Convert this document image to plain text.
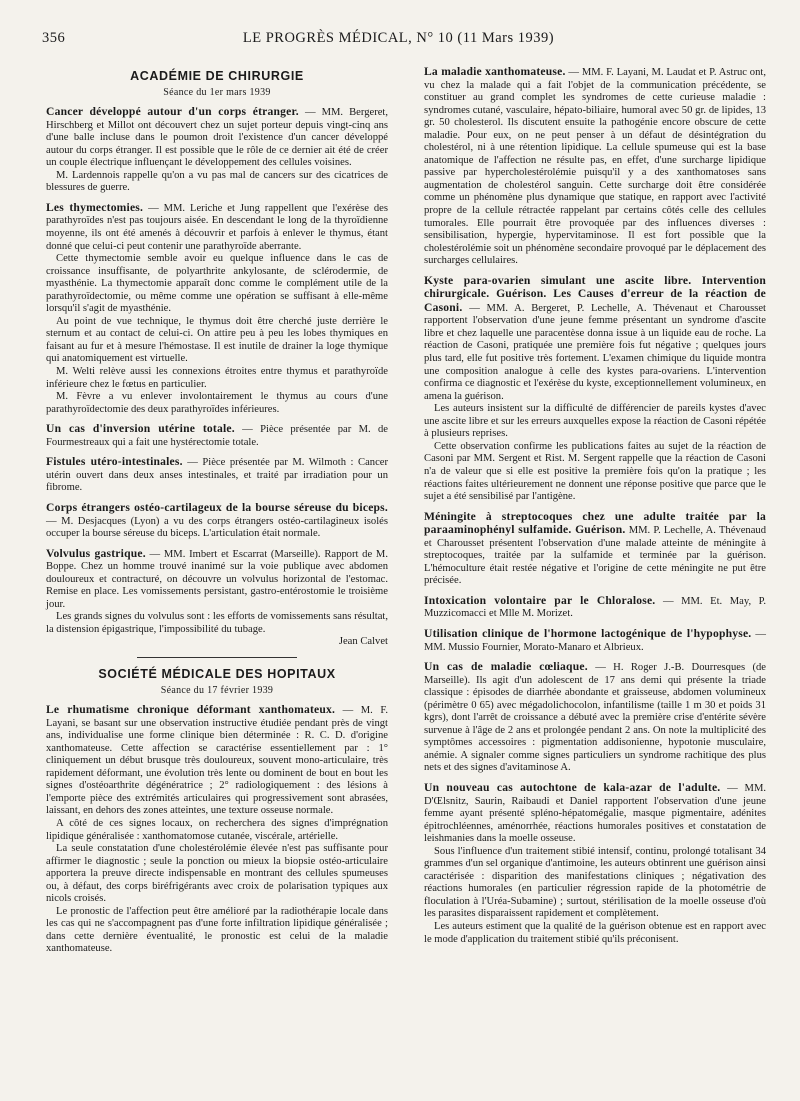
356	LE PROGRÈS MÉDICAL, N° 10 (11 Mars 1939)
ACADÉMIE DE CHIRURGIE
Séance du 1er mars 1939

Cancer développé autour d'un corps étranger. — MM. Bergeret, Hirschberg et Millot ont découvert chez un sujet porteur depuis vingt-cinq ans d'une balle incluse dans le poumon droit l'existence d'un cancer développé autour du corps étranger. Il est possible que le rôle de ce dernier ait été de créer un couple électrique influençant le développement des cellules voisines.

M. Lardennois rappelle qu'on a vu pas mal de cancers sur des cicatrices de blessures de guerre.

Les thymectomies. — MM. Leriche et Jung rappellent que l'exérèse des parathyroïdes n'est pas toujours aisée. En descendant le long de la thyroïdienne moyenne, ils ont été amenés à découvrir et parfois à enlever le thymus, étant donné que celui-ci peut contenir une parathyroïde aberrante.

Cette thymectomie semble avoir eu quelque influence dans le cas de croissance insuffisante, de polyarthrite ankylosante, de sclérodermie, de myasthénie. La thymectomie apparaît donc comme le complément utile de la parathyroïdectomie, ou même comme une opération se suffisant à elle-même lorsqu'il s'agit de myasthénie.

Au point de vue technique, le thymus doit être cherché juste derrière le sternum et au contact de celui-ci. On attire peu à peu les lobes thymiques en faisant au fur et à mesure l'hémostase. Il est inutile de drainer la loge thymique qui anatomiquement est virtuelle.

M. Welti relève aussi les connexions étroites entre thymus et parathyroïde inférieure chez le fœtus en particulier.

M. Fèvre a vu enlever involontairement le thymus au cours d'une parathyroïdectomie des deux parathyroïdes inférieures.

Un cas d'inversion utérine totale. — Pièce présentée par M. de Fourmestreaux qui a fait une hystérectomie totale.

Fistules utéro-intestinales. — Pièce présentée par M. Wilmoth : Cancer utérin ouvert dans deux anses intestinales, et traité par irradiation pour un fibrome.

Corps étrangers ostéo-cartilageux de la bourse séreuse du biceps. — M. Desjacques (Lyon) a vu des corps étrangers ostéo-cartilagineux isolés occuper la bourse séreuse du biceps. L'articulation était normale.

Volvulus gastrique. — MM. Imbert et Escarrat (Marseille). Rapport de M. Boppe. Chez un homme trouvé inanimé sur la voie publique avec abdomen douloureux et contracturé, on découvre un volvulus horizontal de l'estomac. Remise en place. Les vomissements persistant, gastro-entérostomie le troisième jour.

Les grands signes du volvulus sont : les efforts de vomissements sans résultat, la distension épigastrique, l'impossibilité du tubage.

Jean Calvet
SOCIÉTÉ MÉDICALE DES HOPITAUX
Séance du 17 février 1939

Le rhumatisme chronique déformant xanthomateux. — M. F. Layani, se basant sur une observation instructive étudiée pendant près de vingt ans, individualise une forme clinique bien déterminée : R. C. D. d'origine xanthomateuse. Cette affection se caractérise essentiellement par : 1° cliniquement un début brusque très douloureux, souvent mono-articulaire, très rapidement déformant, une évolution très lente ou dominent de bout en bout les signes d'ostéoarthrite dégénératrice ; 2° radiologiquement : des lésions à l'emporte pièce des extrémités articulaires qui progressivement sont abrasées, laissant, en dehors des zones atteintes, une texture osseuse normale.

A côté de ces signes locaux, on recherchera des signes d'imprégnation lipidique généralisée : xanthomatomose cutanée, viscérale, artérielle.

La seule constatation d'une cholestérolémie élevée n'est pas suffisante pour affirmer le diagnostic ; seule la ponction ou mieux la biopsie ostéo-articulaire apportera la preuve directe indispensable en montrant des cellules spumeuses ou, à défaut, des corps biréfrigérants avec croix de polarisation typiques aux nicols croisés.

Le pronostic de l'affection peut être amélioré par la radiothérapie locale dans les cas qui ne s'accompagnent pas d'une forte infiltration lipidique généralisée ; dans cette dernière éventualité, le pronostic est celui de la maladie xanthomateuse.

La maladie xanthomateuse. — MM. F. Layani, M. Laudat et P. Astruc ont, vu chez la malade qui a fait l'objet de la communication précédente, se constituer au grand complet les syndromes de cette curieuse maladie : syndromes cutané, vasculaire, hépato-biliaire, humoral avec 50 gr. de lipides, 13 gr. 50 cholesterol. Ils discutent ensuite la pathogénie encore obscure de cette maladie. Pour eux, on ne peut penser à un défaut de désintégration du cholestérol, ni à une rétention lipidique. La cellule spumeuse qui est la base anatomique de l'affection ne résulte pas, en effet, d'une surcharge lipidique passive par hypercholestérolémie puisqu'il y a des xanthomatoses sans augmentation de cholestérol sanguin. Cette surcharge doit être considérée comme un phénomène plus dynamique que statique, en rapport avec l'activité propre de la cellule rétractée rappelant par certains côtés celle des cellules tumorales. Elle pourrait être provoquée par des influences diverses : sensibilisation, hypergie, hypervitaminose. Il est fort possible que la cholestérolémie soit un phénomène secondaire provoqué par le déplacement des surcharges cellulaires.

Kyste para-ovarien simulant une ascite libre. Intervention chirurgicale. Guérison. Les Causes d'erreur de la réaction de Casoni. — MM. A. Bergeret, P. Lechelle, A. Thévenaut et Charousset rapportent l'observation d'une jeune femme présentant un syndrome d'ascite libre et chez laquelle une paracentèse donna issue à un liquide eau de roche. La réaction de Casoni, pratiquée une première fois fut négative ; quelques jours plus tard, elle fut positive très fortement. L'examen chimique du liquide montra une composition analogue à celle des kystes para-ovariens. L'intervention confirma ce diagnostic et l'exérèse du kyste, exceptionnellement volumineux, en amena la guérison.

Les auteurs insistent sur la difficulté de différencier de pareils kystes d'avec une ascite libre et sur les erreurs auxquelles expose la réaction de Casoni répétée à plusieurs reprises.

Cette observation confirme les publications faites au sujet de la réaction de Casoni par MM. Sergent et Rist. M. Sergent rappelle que la réaction de Casoni n'a de valeur que si elle est positive la première fois qu'on la pratique ; les réactions faites ultérieurement ne donnent une réponse positive que parce que le sujet a été sensibilisé par l'antigène.

Méningite à streptocoques chez une adulte traitée par la paraaminophényl sulfamide. Guérison. MM. P. Lechelle, A. Thévenaud et Charousset présentent l'observation d'une malade atteinte de méningite à streptocoques, traitée par la sulfamide et terminée par la guérison. L'hémoculture était restée négative et l'origine de cette méningite ne put être précisée.

Intoxication volontaire par le Chloralose. — MM. Et. May, P. Muzzicomacci et Mlle M. Morizet.

Utilisation clinique de l'hormone lactogénique de l'hypophyse. — MM. Mussio Fournier, Morato-Manaro et Albrieux.

Un cas de maladie cœliaque. — H. Roger J.-B. Dourresques (de Marseille). Ils agit d'un adolescent de 17 ans demi qui présente la triade classique : épisodes de diarrhée abondante et graisseuse, abdomen volumineux (périmètre 0 65) avec mégadolichocolon, infantilisme (taille 1 m 30 et poids 31 kgrs), dont l'arrêt de croissance a débuté avec la première crise d'entérite sévère survenue à l'âge de 2 ans et prolongée pendant 2 ans. On note la multiplicité des symptômes accessoires : pigmentation addisonienne, hypotonie musculaire, anémie. A signaler comme signes particuliers un syndrome rachitique des plus nets et des signes d'avitaminose A.

Un nouveau cas autochtone de kala-azar de l'adulte. — MM. D'Œlsnitz, Saurin, Raibaudi et Daniel rapportent l'observation d'une jeune femme ayant présenté spléno-hépatomégalie, masque pigmentaire, adénites épitrochléennes, aménorrhée, réactions humorales positives et constatation de leishmanies dans la moelle osseuse.

Sous l'influence d'un traitement stibié intensif, continu, prolongé totalisant 34 grammes d'un sel organique d'antimoine, les auteurs obtinrent une guérison ainsi caractérisée : disparition des manifestations cliniques ; négativation des réactions humorales (en particulier régression rapide de la photométrie de floculation à l'Uréa-Subamine) ; surtout, stérilisation de la moelle osseuse d'où les parasites disparaissent rapidement et complètement.

Les auteurs estiment que la qualité de la guérison obtenue est en rapport avec le mode d'application du traitement stibié qu'ils préconisent.
